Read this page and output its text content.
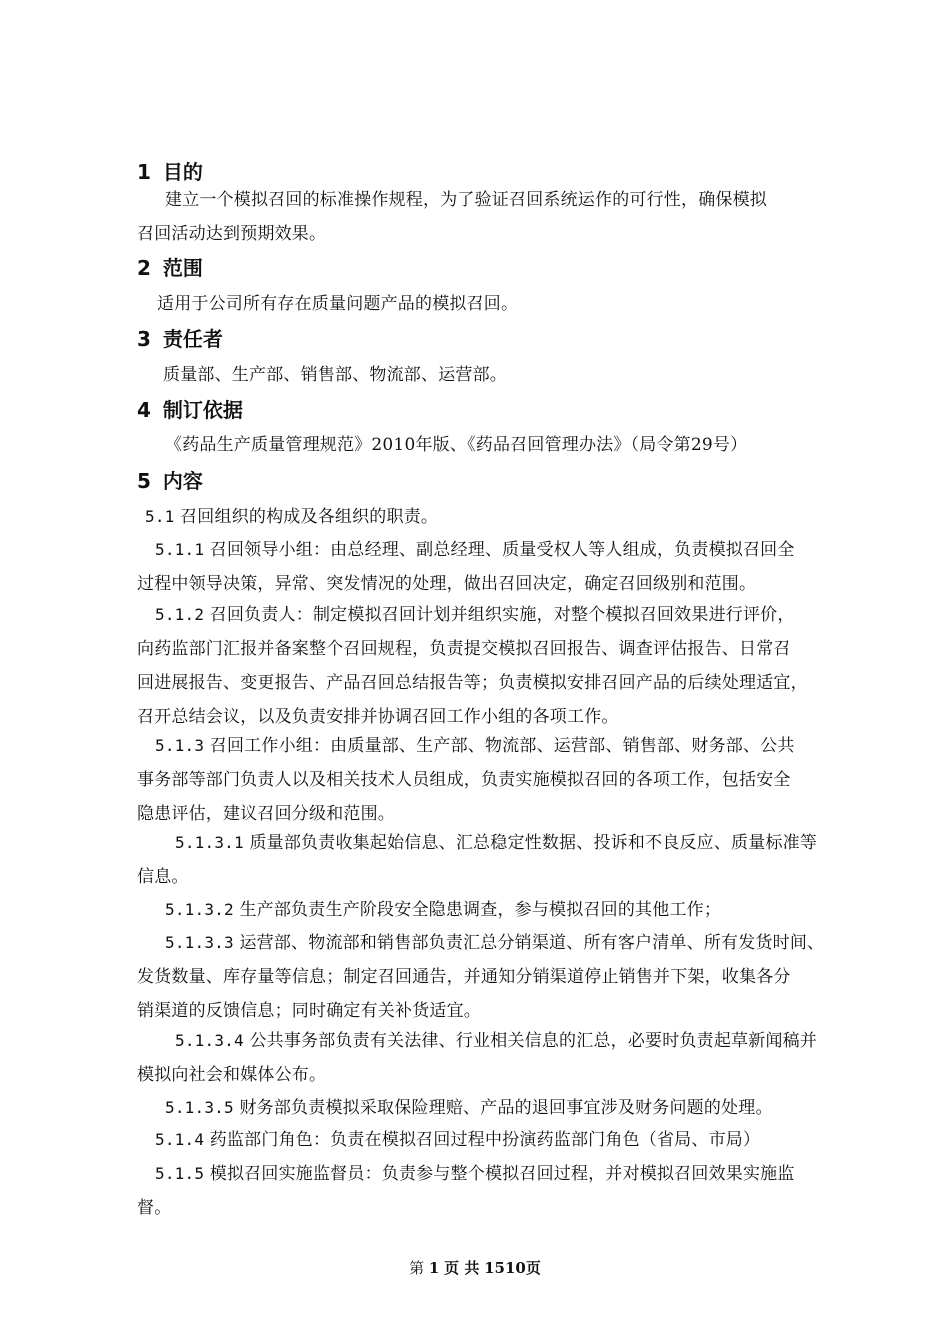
1 目的
建立一个模拟召回的标准操作规程，为了验证召回系统运作的可行性，确保模拟
召回活动达到预期效果。
2 范围
适用于公司所有存在质量问题产品的模拟召回。
3 责任者
质量部、生产部、销售部、物流部、运营部。
4 制订依据
《药品生产质量管理规范》2010年版、《药品召回管理办法》（局令第29号）
5 内容
5.1 召回组织的构成及各组织的职责。
5.1.1 召回领导小组：由总经理、副总经理、质量受权人等人组成，负责模拟召回全
过程中领导决策，异常、突发情况的处理，做出召回决定，确定召回级别和范围。
5.1.2 召回负责人：制定模拟召回计划并组织实施，对整个模拟召回效果进行评价，
向药监部门汇报并备案整个召回规程，负责提交模拟召回报告、调查评估报告、日常召
回进展报告、变更报告、产品召回总结报告等；负责模拟安排召回产品的后续处理适宜，
召开总结会议，以及负责安排并协调召回工作小组的各项工作。
5.1.3 召回工作小组：由质量部、生产部、物流部、运营部、销售部、财务部、公共
事务部等部门负责人以及相关技术人员组成，负责实施模拟召回的各项工作，包括安全
隐患评估，建议召回分级和范围。
5.1.3.1 质量部负责收集起始信息、汇总稳定性数据、投诉和不良反应、质量标准等
信息。
5.1.3.2 生产部负责生产阶段安全隐患调查，参与模拟召回的其他工作；
5.1.3.3 运营部、物流部和销售部负责汇总分销渠道、所有客户清单、所有发货时间、
发货数量、库存量等信息；制定召回通告，并通知分销渠道停止销售并下架，收集各分
销渠道的反馈信息；同时确定有关补货适宜。
5.1.3.4 公共事务部负责有关法律、行业相关信息的汇总，必要时负责起草新闻稿并
模拟向社会和媒体公布。
5.1.3.5 财务部负责模拟采取保险理赔、产品的退回事宜涉及财务问题的处理。
5.1.4 药监部门角色：负责在模拟召回过程中扮演药监部门角色（省局、市局）
5.1.5 模拟召回实施监督员：负责参与整个模拟召回过程，并对模拟召回效果实施监
督。
第 1 页 共 1510页
